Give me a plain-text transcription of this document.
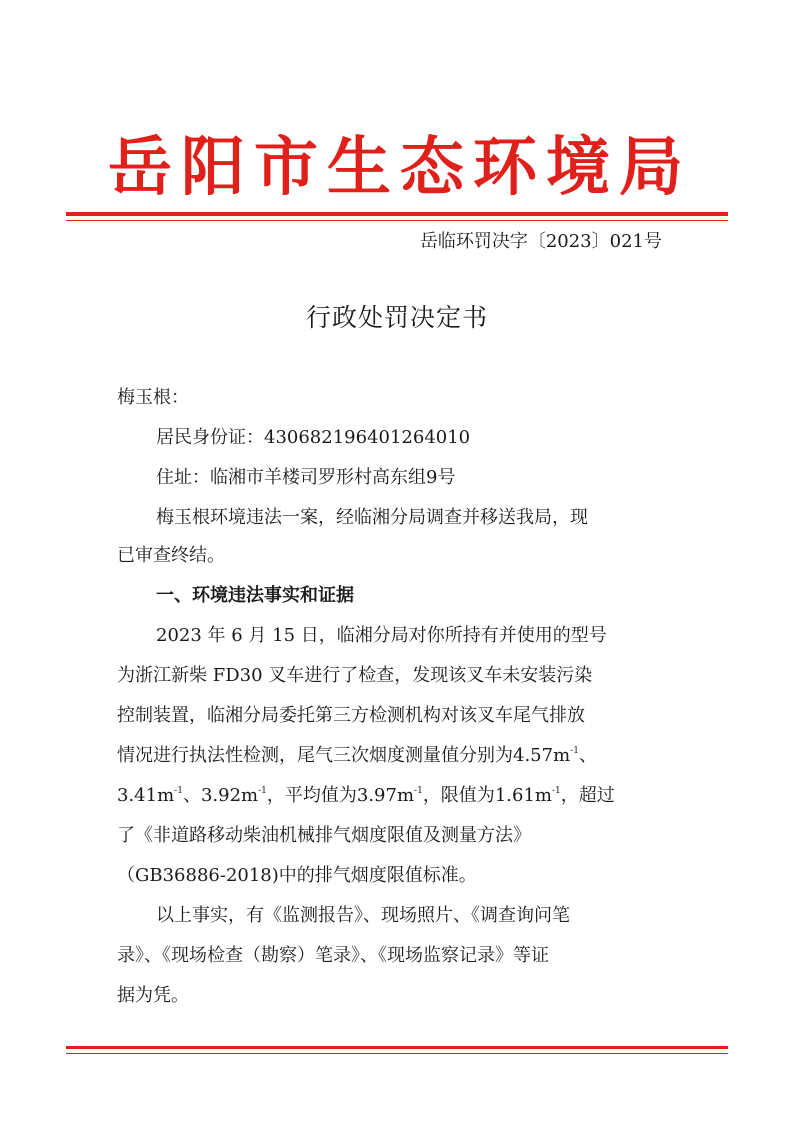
岳阳市生态环境局
岳临环罚决字〔2023〕021号
行政处罚决定书
梅玉根：
居民身份证：430682196401264010
住址：临湘市羊楼司罗形村高东组9号
梅玉根环境违法一案，经临湘分局调查并移送我局，现
已审查终结。
一、环境违法事实和证据
2023 年 6 月 15 日，临湘分局对你所持有并使用的型号
为浙江新柴 FD30 叉车进行了检查，发现该叉车未安装污染
控制装置，临湘分局委托第三方检测机构对该叉车尾气排放
情况进行执法性检测，尾气三次烟度测量值分别为$4.57m^{-1}$、
$3.41m^{-1}$、$3.92m^{-1}$，平均值为$3.97m^{-1}$，限值为$1.61m^{-1}$，超过
了《非道路移动柴油机械排气烟度限值及测量方法》
（GB36886-2018)中的排气烟度限值标准。
以上事实，有《监测报告》、现场照片、《调查询问笔
录》、《现场检查（勘察）笔录》、《现场监察记录》等证
据为凭。
